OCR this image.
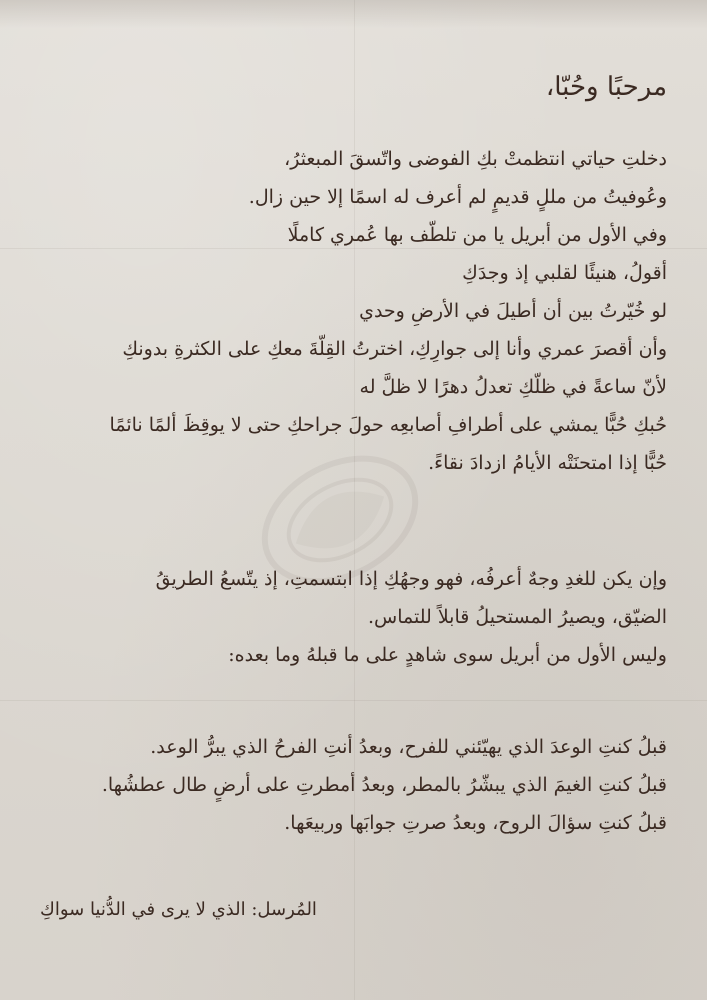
مرحبًا وحُبّا،
دخلتِ حياتي انتظمتْ بكِ الفوضى واتّسقَ المبعثرُ،
وعُوفيتُ من مللٍ قديمٍ لم أعرف له اسمًا إلا حين زال.
وفي الأول من أبريل يا من تلطّف بها عُمري كاملًا
أقولُ، هنيئًا لقلبي إذ وجدَكِ
لو خُيّرتُ بين أن أطيلَ في الأرضِ وحدي
وأن أقصرَ عمري وأنا إلى جوارِكِ، اخترتُ القِلّةَ معكِ على الكثرةِ بدونكِ
لأنّ ساعةً في ظلّكِ تعدلُ دهرًا لا ظلَّ له
حُبكِ حُبًّا يمشي على أطرافِ أصابعِه حولَ جراحكِ حتى لا يوقِظَ ألمًا نائمًا
حُبًّا إذا امتحنَتْه الأيامُ ازدادَ نقاءً.
وإن يكن للغدِ وجهٌ أعرفُه، فهو وجهُكِ إذا ابتسمتِ، إذ يتّسعُ الطريقُ
الضيّق، ويصيرُ المستحيلُ قابلاً للتماس.
وليس الأول من أبريل سوى شاهدٍ على ما قبلهُ وما بعده:
قبلُ كنتِ الوعدَ الذي يهيّئني للفرح، وبعدُ أنتِ الفرحُ الذي يبرُّ الوعد.
قبلُ كنتِ الغيمَ الذي يبشّرُ بالمطر، وبعدُ أمطرتِ على أرضٍ طال عطشُها.
قبلُ كنتِ سؤالَ الروح، وبعدُ صرتِ جوابَها وربيعَها.
المُرسل: الذي لا يرى في الدُّنيا سواكِ
